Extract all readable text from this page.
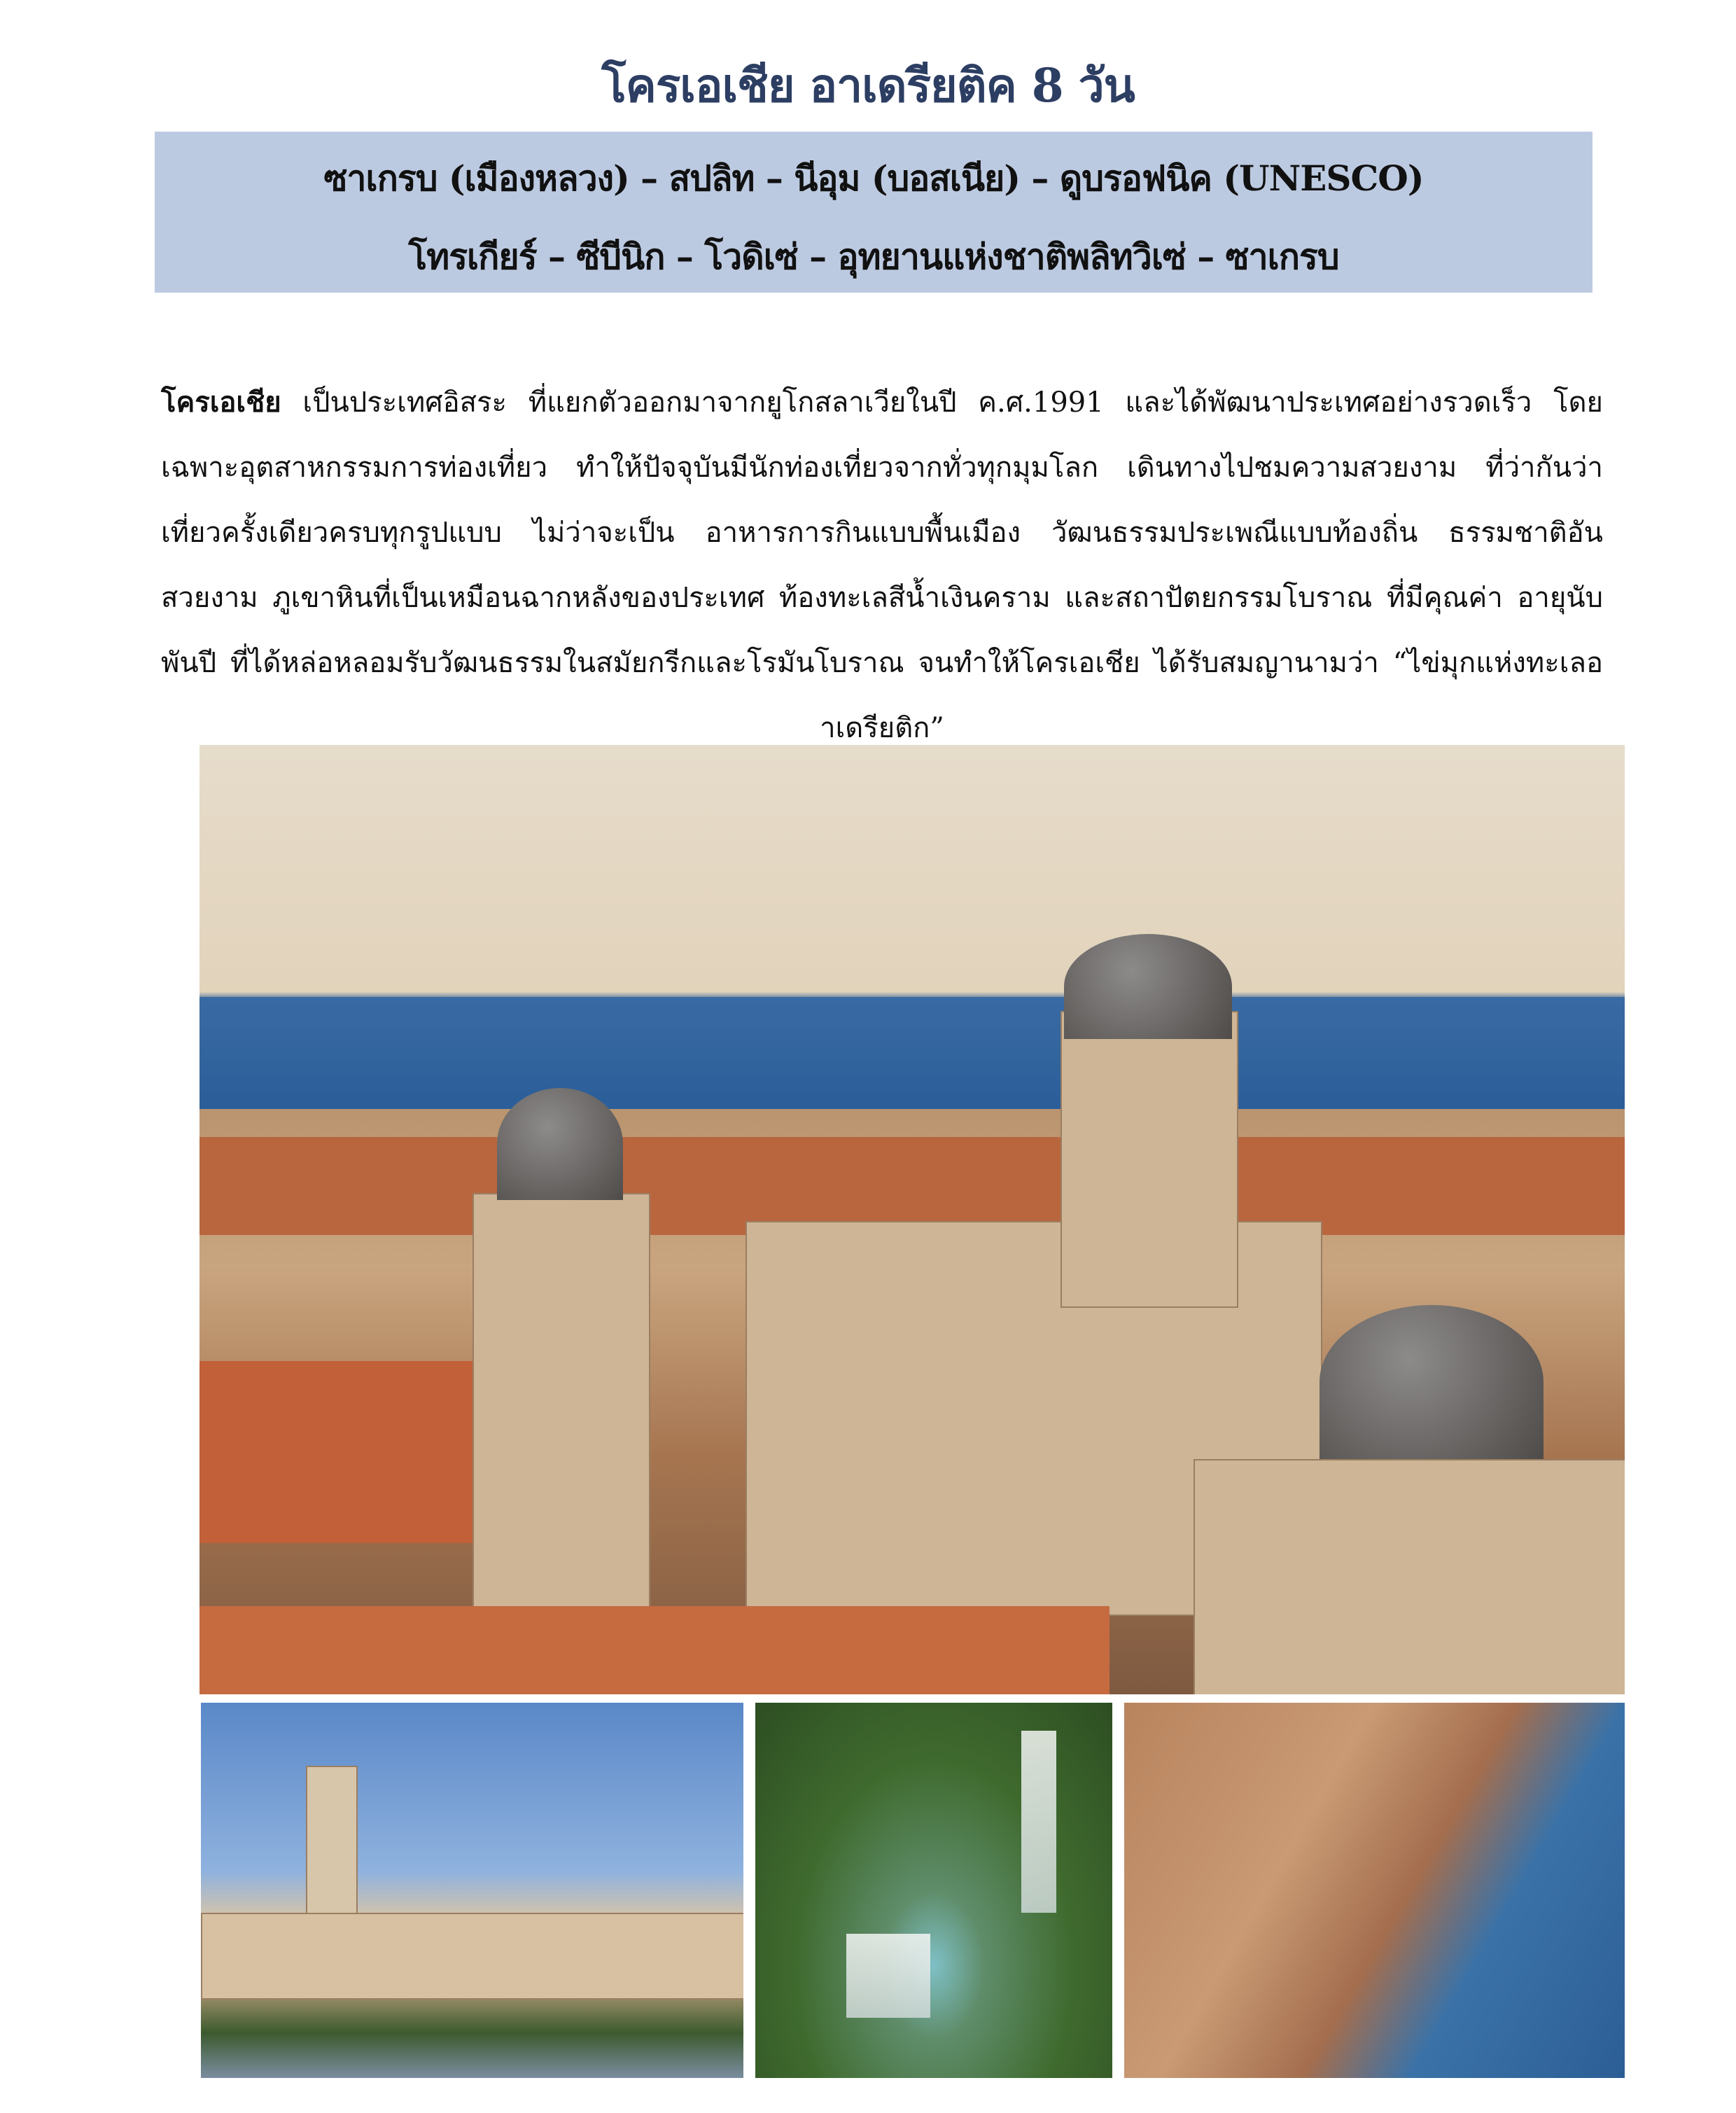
โครเอเชีย อาเดรียติค 8 วัน
ซาเกรบ (เมืองหลวง) – สปลิท – นีอุม (บอสเนีย) – ดูบรอฟนิค (UNESCO)
โทรเกียร์ – ซีบีนิก – โวดิเซ่ – อุทยานแห่งชาติพลิทวิเซ่ – ซาเกรบ
โครเอเชีย เป็นประเทศอิสระ ที่แยกตัวออกมาจากยูโกสลาเวียในปี ค.ศ.1991 และได้พัฒนาประเทศอย่างรวดเร็ว โดยเฉพาะอุตสาหกรรมการท่องเที่ยว ทำให้ปัจจุบันมีนักท่องเที่ยวจากทั่วทุกมุมโลก เดินทางไปชมความสวยงาม ที่ว่ากันว่า เที่ยวครั้งเดียวครบทุกรูปแบบ ไม่ว่าจะเป็น อาหารการกินแบบพื้นเมือง วัฒนธรรมประเพณีแบบท้องถิ่น ธรรมชาติอันสวยงาม ภูเขาหินที่เป็นเหมือนฉากหลังของประเทศ ท้องทะเลสีน้ำเงินคราม และสถาปัตยกรรมโบราณ ที่มีคุณค่า อายุนับพันปี ที่ได้หล่อหลอมรับวัฒนธรรมในสมัยกรีกและโรมันโบราณ จนทำให้โครเอเชีย ได้รับสมญานามว่า “ไข่มุกแห่งทะเลอาเดรียติก”
